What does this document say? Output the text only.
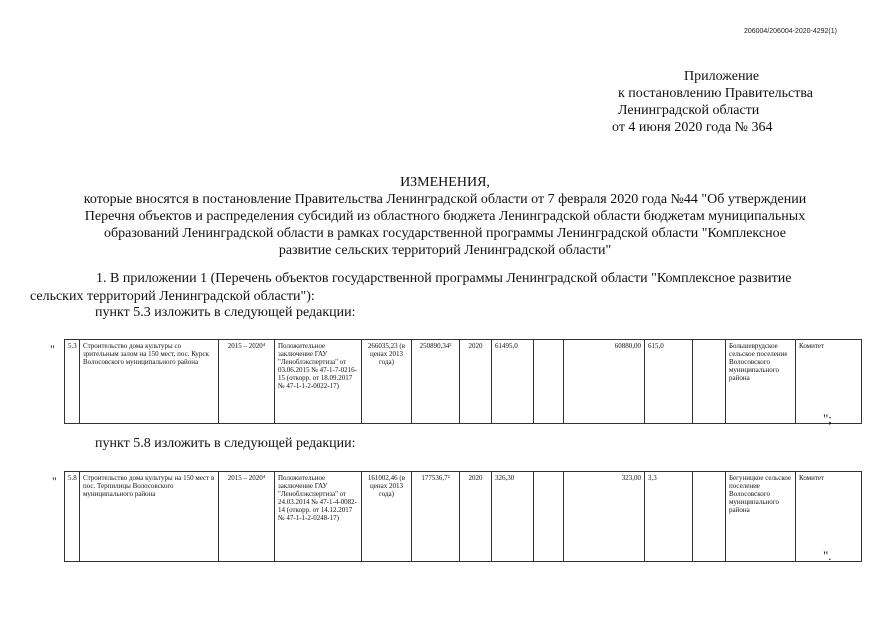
206004/206004-2020-4292(1)
Приложение
к постановлению Правительства
Ленинградской области
от 4 июня 2020 года № 364
ИЗМЕНЕНИЯ,
которые вносятся в постановление Правительства Ленинградской области от 7 февраля 2020 года №44 "Об утверждении
Перечня объектов и распределения субсидий из областного бюджета Ленинградской области бюджетам муниципальных
образований Ленинградской области в рамках государственной программы Ленинградской области "Комплексное
развитие сельских территорий Ленинградской области"
1. В приложении 1 (Перечень объектов государственной программы Ленинградской области "Комплексное развитие
сельских территорий Ленинградской области"):
пункт 5.3 изложить в следующей редакции:
" 5.3	Строительство дома культуры со зрительным залом на 150 мест, пос. Курск Волосовского муниципального района	2015 – 2020⁴	Положительное заключение ГАУ "Леноблэкспертиза" от 03.06.2015 № 47-1-7-0216-15 (откорр. от 18.09.2017 № 47-1-1-2-0022-17)	266035,23 (в ценах 2013 года)	250890,34²	2020	61495,0		60880,00	615,0		Большеврудское сельское поселение Волосовского муниципального района	Комитет
";
пункт 5.8 изложить в следующей редакции:
" 5.8	Строительство дома культуры на 150 мест в пос. Терпилицы Волосовского муниципального района	2015 – 2020⁴	Положительное заключение ГАУ "Леноблэкспертиза" от 24.03.2014 № 47-1-4-0082-14 (откорр. от 14.12.2017 № 47-1-1-2-0248-17)	161002,46 (в ценах 2013 года)	177536,7²	2020	326,30		323,00	3,3		Бегуницкое сельское поселение Волосовского муниципального района	Комитет
".
